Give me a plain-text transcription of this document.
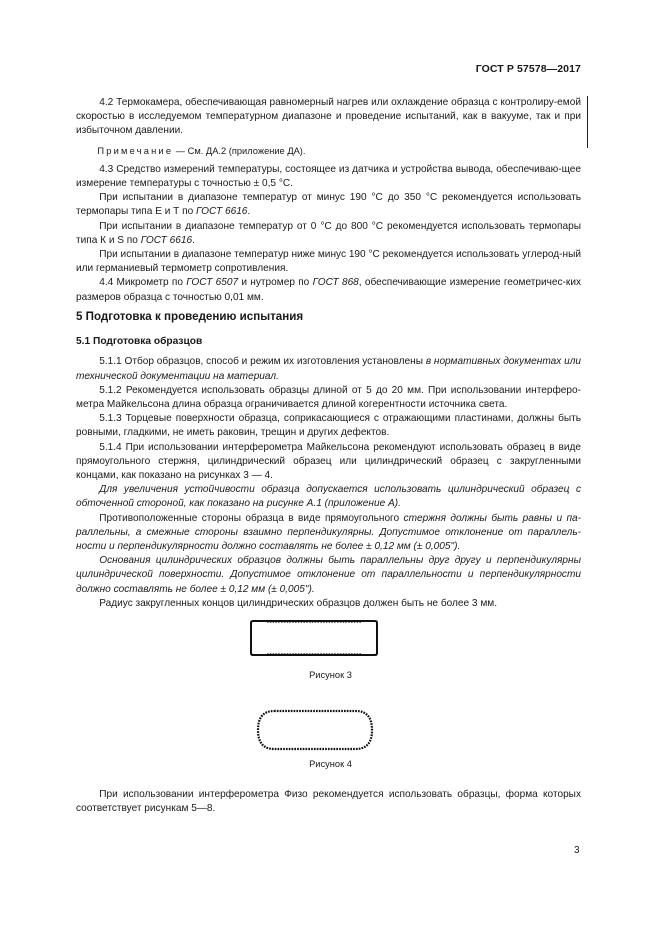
ГОСТ Р 57578—2017

4.2 Термокамера, обеспечивающая равномерный нагрев или охлаждение образца с контролиру-емой скоростью в исследуемом температурном диапазоне и проведение испытаний, как в вакууме, так и при избыточном давлении.

Примечание — См. ДА.2 (приложение ДА).

4.3 Средство измерений температуры, состоящее из датчика и устройства вывода, обеспечиваю-щее измерение температуры с точностью ± 0,5 °С.

При испытании в диапазоне температур от минус 190 °С до 350 °С рекомендуется использовать термопары типа Е и Т по ГОСТ 6616.

При испытании в диапазоне температур от 0 °С до 800 °С рекомендуется использовать термопары типа К и S по ГОСТ 6616.

При испытании в диапазоне температур ниже минус 190 °С рекомендуется использовать углерод-ный или германиевый термометр сопротивления.

4.4 Микрометр по ГОСТ 6507 и нутромер по ГОСТ 868, обеспечивающие измерение геометричес-ких размеров образца с точностью 0,01 мм.

5 Подготовка к проведению испытания

5.1 Подготовка образцов

5.1.1 Отбор образцов, способ и режим их изготовления установлены в нормативных документах или технической документации на материал.

5.1.2 Рекомендуется использовать образцы длиной от 5 до 20 мм. При использовании интерферо-метра Майкельсона длина образца ограничивается длиной когерентности источника света.

5.1.3 Торцевые поверхности образца, соприкасающиеся с отражающими пластинами, должны быть ровными, гладкими, не иметь раковин, трещин и других дефектов.

5.1.4 При использовании интерферометра Майкельсона рекомендуют использовать образец в виде прямоугольного стержня, цилиндрический образец или цилиндрический образец с закругленными концами, как показано на рисунках 3 — 4.

Для увеличения устойчивости образца допускается использовать цилиндрический образец с обточенной стороной, как показано на рисунке А.1 (приложение А).

Противоположенные стороны образца в виде прямоугольного стержня должны быть равны и па-раллельны, а смежные стороны взаимно перпендикулярны. Допустимое отклонение от параллель-ности и перпендикулярности должно составлять не более ± 0,12 мм (± 0,005").

Основания цилиндрических образцов должны быть параллельны друг другу и перпендикулярны цилиндрической поверхности. Допустимое отклонение от параллельности и перпендикулярности должно составлять не более ± 0,12 мм (± 0,005").

Радиус закругленных концов цилиндрических образцов должен быть не более 3 мм.

Рисунок 3
Рисунок 4

При использовании интерферометра Физо рекомендуется использовать образцы, форма которых соответствует рисункам 5—8.

3
